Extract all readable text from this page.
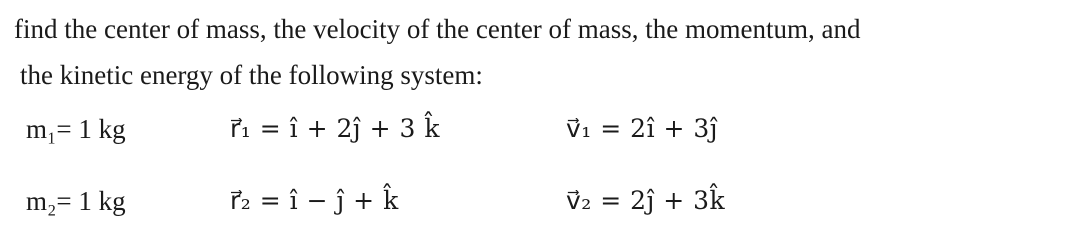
find the center of mass, the velocity of the center of mass, the momentum, and
the kinetic energy of the following system:
m₁= 1 kg	r⃗₁ = ı̂ + 2ȷ̂ + 3 k̂	v⃗₁ = 2ı̂ + 3ȷ̂
m₂= 1 kg	r⃗₂ = ı̂ − ȷ̂ + k̂	v⃗₂ = 2ȷ̂ + 3k̂
